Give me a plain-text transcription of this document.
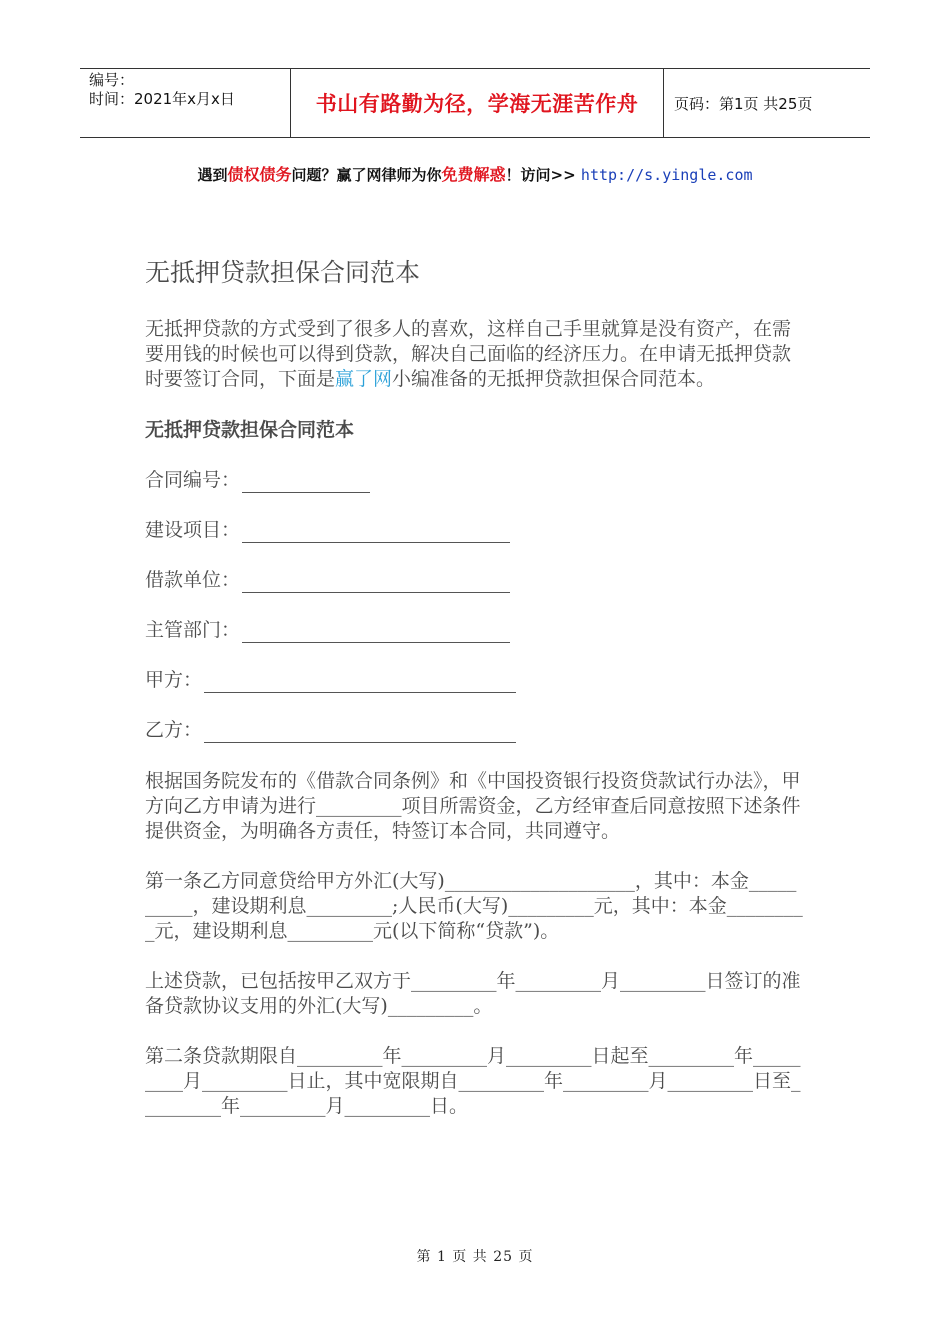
编号：
时间：2021年x月x日	书山有路勤为径，学海无涯苦作舟	页码：第1页 共25页
遇到债权债务问题？赢了网律师为你免费解惑！访问>> http://s.yingle.com
无抵押贷款担保合同范本

无抵押贷款的方式受到了很多人的喜欢，这样自己手里就算是没有资产，在需要用钱的时候也可以得到贷款，解决自己面临的经济压力。在申请无抵押贷款时要签订合同，下面是赢了网小编准备的无抵押贷款担保合同范本。

无抵押贷款担保合同范本

合同编号：
建设项目：
借款单位：
主管部门：
甲方：
乙方：

根据国务院发布的《借款合同条例》和《中国投资银行投资贷款试行办法》，甲方向乙方申请为进行_________项目所需资金，乙方经审查后同意按照下述条件提供资金，为明确各方责任，特签订本合同，共同遵守。

第一条乙方同意贷给甲方外汇(大写)____________________，其中：本金__________，建设期利息_________;人民币(大写)_________元，其中：本金_________元，建设期利息_________元(以下简称“贷款”)。

上述贷款，已包括按甲乙双方于_________年_________月_________日签订的准备贷款协议支用的外汇(大写)_________。

第二条贷款期限自_________年_________月_________日起至_________年_________月_________日止，其中宽限期自_________年_________月_________日至_________年_________月_________日。

第 1 页 共 25 页
